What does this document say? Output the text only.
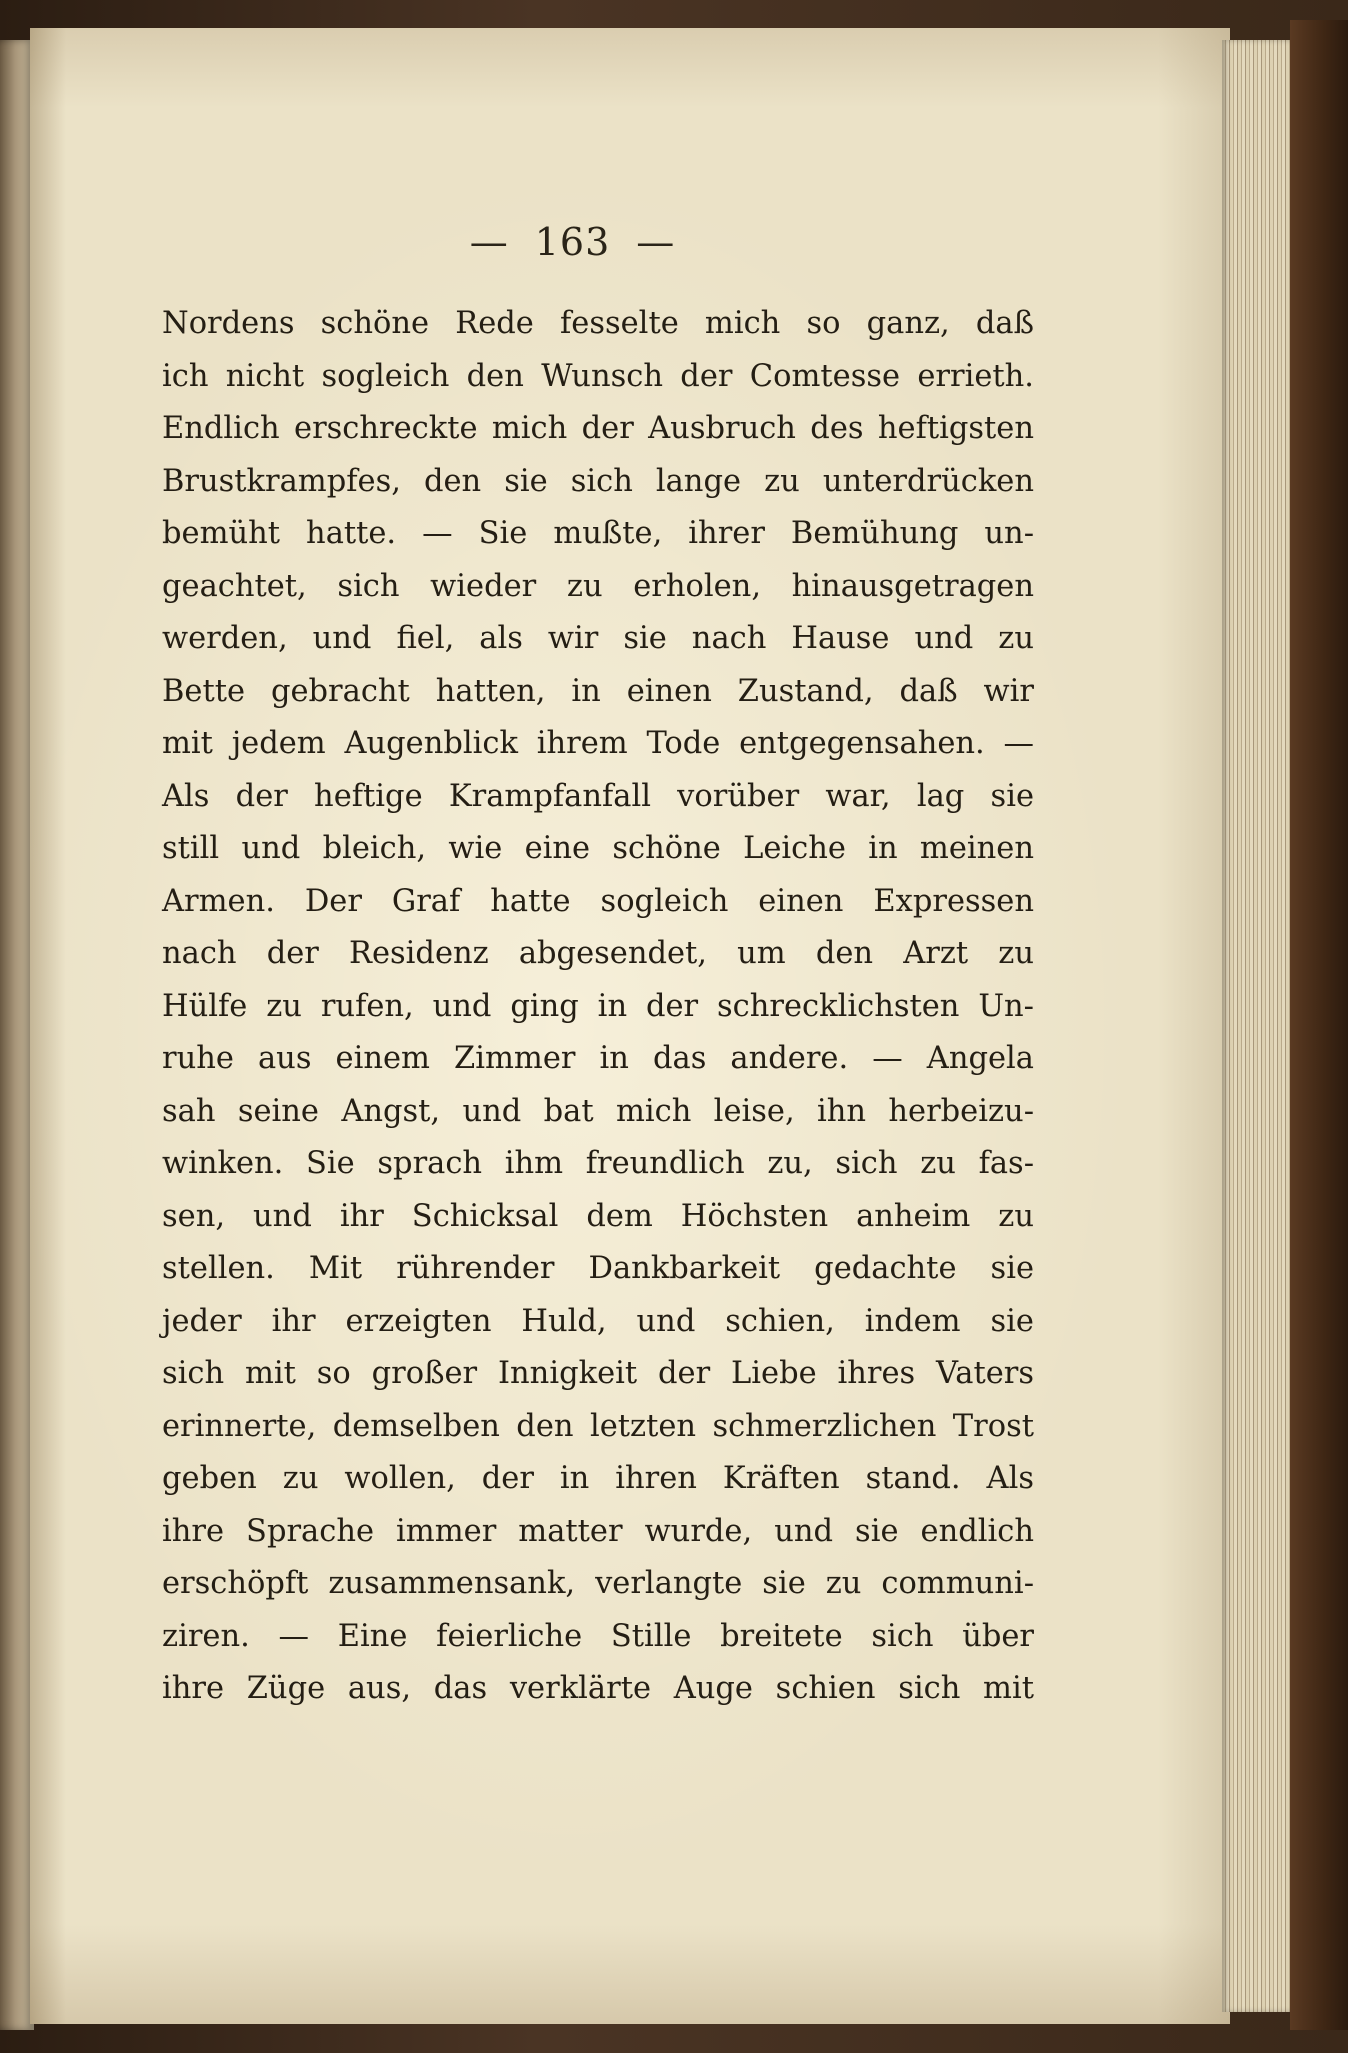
— 163 —
Nordens schöne Rede fesselte mich so ganz, daß
ich nicht sogleich den Wunsch der Comtesse errieth.
Endlich erschreckte mich der Ausbruch des heftigsten
Brustkrampfes, den sie sich lange zu unterdrücken
bemüht hatte. — Sie mußte, ihrer Bemühung un-
geachtet, sich wieder zu erholen, hinausgetragen
werden, und fiel, als wir sie nach Hause und zu
Bette gebracht hatten, in einen Zustand, daß wir
mit jedem Augenblick ihrem Tode entgegensahen. —
Als der heftige Krampfanfall vorüber war, lag sie
still und bleich, wie eine schöne Leiche in meinen
Armen. Der Graf hatte sogleich einen Expressen
nach der Residenz abgesendet, um den Arzt zu
Hülfe zu rufen, und ging in der schrecklichsten Un-
ruhe aus einem Zimmer in das andere. — Angela
sah seine Angst, und bat mich leise, ihn herbeizu-
winken. Sie sprach ihm freundlich zu, sich zu fas-
sen, und ihr Schicksal dem Höchsten anheim zu
stellen. Mit rührender Dankbarkeit gedachte sie
jeder ihr erzeigten Huld, und schien, indem sie
sich mit so großer Innigkeit der Liebe ihres Vaters
erinnerte, demselben den letzten schmerzlichen Trost
geben zu wollen, der in ihren Kräften stand. Als
ihre Sprache immer matter wurde, und sie endlich
erschöpft zusammensank, verlangte sie zu communi-
ziren. — Eine feierliche Stille breitete sich über
ihre Züge aus, das verklärte Auge schien sich mit
